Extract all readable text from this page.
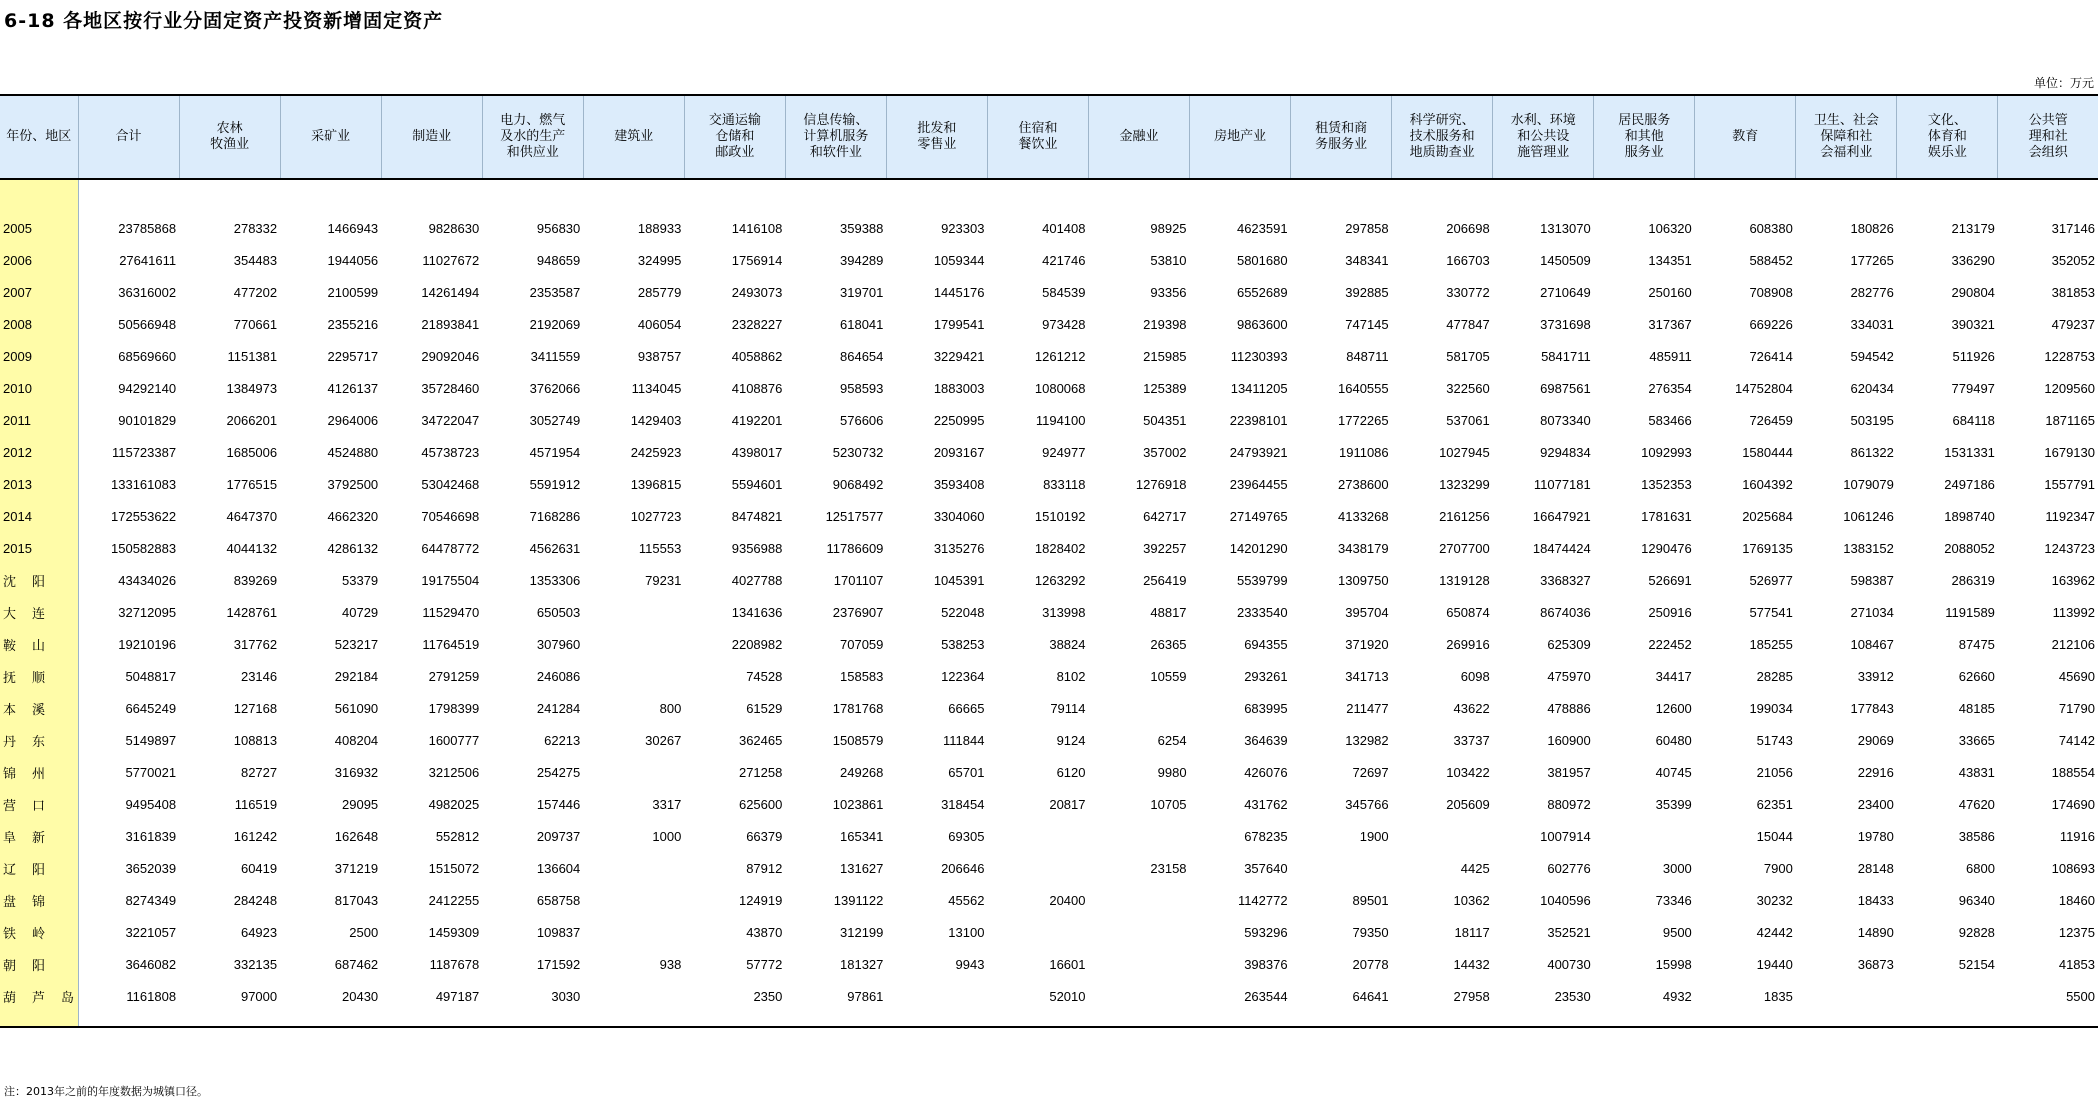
6-18 各地区按行业分固定资产投资新增固定资产
单位：万元
年份、地区	合计	农林
牧渔业	采矿业	制造业	电力、燃气
及水的生产
和供应业	建筑业	交通运输
仓储和
邮政业	信息传输、
计算机服务
和软件业	批发和
零售业	住宿和
餐饮业	金融业	房地产业	租赁和商
务服务业	科学研究、
技术服务和
地质勘查业	水利、环境
和公共设
施管理业	居民服务
和其他
服务业	教育	卫生、社会
保障和社
会福利业	文化、
体育和
娱乐业	公共管
理和社
会组织

2005	23785868	278332	1466943	9828630	956830	188933	1416108	359388	923303	401408	98925	4623591	297858	206698	1313070	106320	608380	180826	213179	317146
2006	27641611	354483	1944056	11027672	948659	324995	1756914	394289	1059344	421746	53810	5801680	348341	166703	1450509	134351	588452	177265	336290	352052
2007	36316002	477202	2100599	14261494	2353587	285779	2493073	319701	1445176	584539	93356	6552689	392885	330772	2710649	250160	708908	282776	290804	381853
2008	50566948	770661	2355216	21893841	2192069	406054	2328227	618041	1799541	973428	219398	9863600	747145	477847	3731698	317367	669226	334031	390321	479237
2009	68569660	1151381	2295717	29092046	3411559	938757	4058862	864654	3229421	1261212	215985	11230393	848711	581705	5841711	485911	726414	594542	511926	1228753
2010	94292140	1384973	4126137	35728460	3762066	1134045	4108876	958593	1883003	1080068	125389	13411205	1640555	322560	6987561	276354	14752804	620434	779497	1209560
2011	90101829	2066201	2964006	34722047	3052749	1429403	4192201	576606	2250995	1194100	504351	22398101	1772265	537061	8073340	583466	726459	503195	684118	1871165
2012	115723387	1685006	4524880	45738723	4571954	2425923	4398017	5230732	2093167	924977	357002	24793921	1911086	1027945	9294834	1092993	1580444	861322	1531331	1679130
2013	133161083	1776515	3792500	53042468	5591912	1396815	5594601	9068492	3593408	833118	1276918	23964455	2738600	1323299	11077181	1352353	1604392	1079079	2497186	1557791
2014	172553622	4647370	4662320	70546698	7168286	1027723	8474821	12517577	3304060	1510192	642717	27149765	4133268	2161256	16647921	1781631	2025684	1061246	1898740	1192347
2015	150582883	4044132	4286132	64478772	4562631	115553	9356988	11786609	3135276	1828402	392257	14201290	3438179	2707700	18474424	1290476	1769135	1383152	2088052	1243723
沈阳	43434026	839269	53379	19175504	1353306	79231	4027788	1701107	1045391	1263292	256419	5539799	1309750	1319128	3368327	526691	526977	598387	286319	163962
大连	32712095	1428761	40729	11529470	650503		1341636	2376907	522048	313998	48817	2333540	395704	650874	8674036	250916	577541	271034	1191589	113992
鞍山	19210196	317762	523217	11764519	307960		2208982	707059	538253	38824	26365	694355	371920	269916	625309	222452	185255	108467	87475	212106
抚顺	5048817	23146	292184	2791259	246086		74528	158583	122364	8102	10559	293261	341713	6098	475970	34417	28285	33912	62660	45690
本溪	6645249	127168	561090	1798399	241284	800	61529	1781768	66665	79114		683995	211477	43622	478886	12600	199034	177843	48185	71790
丹东	5149897	108813	408204	1600777	62213	30267	362465	1508579	111844	9124	6254	364639	132982	33737	160900	60480	51743	29069	33665	74142
锦州	5770021	82727	316932	3212506	254275		271258	249268	65701	6120	9980	426076	72697	103422	381957	40745	21056	22916	43831	188554
营口	9495408	116519	29095	4982025	157446	3317	625600	1023861	318454	20817	10705	431762	345766	205609	880972	35399	62351	23400	47620	174690
阜新	3161839	161242	162648	552812	209737	1000	66379	165341	69305			678235	1900		1007914		15044	19780	38586	11916
辽阳	3652039	60419	371219	1515072	136604		87912	131627	206646		23158	357640		4425	602776	3000	7900	28148	6800	108693
盘锦	8274349	284248	817043	2412255	658758		124919	1391122	45562	20400		1142772	89501	10362	1040596	73346	30232	18433	96340	18460
铁岭	3221057	64923	2500	1459309	109837		43870	312199	13100			593296	79350	18117	352521	9500	42442	14890	92828	12375
朝阳	3646082	332135	687462	1187678	171592	938	57772	181327	9943	16601		398376	20778	14432	400730	15998	19440	36873	52154	41853
葫芦岛	1161808	97000	20430	497187	3030		2350	97861		52010		263544	64641	27958	23530	4932	1835			5500

注：2013年之前的年度数据为城镇口径。
